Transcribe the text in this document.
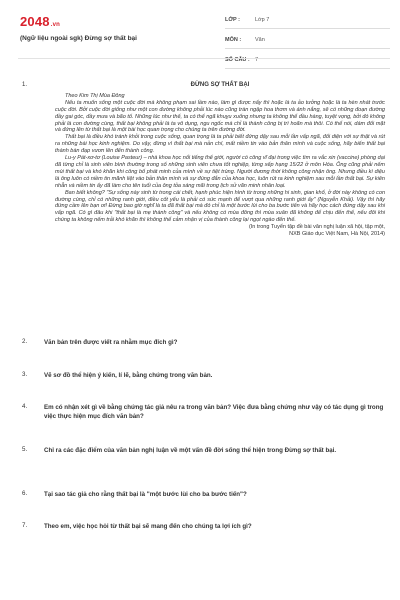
2048.vn
(Ngữ liệu ngoài sgk) Đừng sợ thất bại
LỚP :	Lớp 7
MÔN :	Văn
SỐ CÂU : 7
1.	ĐỪNG SỢ THẤT BẠI
Theo Kim Thị Mùa Đông

Nếu ta muốn sống một cuộc đời mà không phạm sai lầm nào, làm gì được nấy thì hoặc là ta ảo tưởng hoặc là ta hèn nhát trước cuộc đời. Bởi cuộc đời giống như một con đường không phải lúc nào cũng tràn ngập hoa thơm và ánh nắng, sẽ có những đoạn đường đầy gai góc, đầy mưa và bão tố. Những lúc như thế, ta có thể ngã khuỵu xuống nhưng ta không thể đầu hàng, tuyệt vọng, bởi đó không phải là con đường cùng, thất bại không phải là ta vô dụng, ngu ngốc mà chỉ là thành công bị trì hoãn mà thôi. Có thể nói, dám đối mặt và đứng lên từ thất bại là một bài học quan trọng cho chúng ta trên đường đời.

Thất bại là điều khó tránh khỏi trong cuộc sống, quan trọng là ta phải biết đứng dậy sau mỗi lần vấp ngã, đối diện với sự thật và rút ra những bài học kinh nghiệm. Do vậy, đừng vì thất bại mà nản chí, mất niềm tin vào bản thân mình và cuộc sống, hãy biến thất bại thành bàn đạp vươn lên đến thành công.

Lu-y Pát-xơ-tơ (Louise Pasteur) – nhà khoa học nổi tiếng thế giới, người có công vĩ đại trong việc tìm ra vắc xin (vaccine) phòng dại đã từng chỉ là sinh viên bình thường trong số những sinh viên chưa tốt nghiệp, từng xếp hạng 15/22 ở môn Hóa. Ông cũng phải nếm mùi thất bại và khó khăn khi công bố phát minh của mình về sự tiệt trùng. Người đương thời không công nhận ông. Nhưng điều kì diệu là ông luôn có niềm tin mãnh liệt vào bản thân mình và sự đúng đắn của khoa học, luôn rút ra kinh nghiệm sau mỗi lần thất bại. Sự kiên nhẫn và niềm tin ấy đã làm cho tên tuổi của ông tỏa sáng mãi trong lịch sử văn minh nhân loại.

Ban biết không? "Sự sống này sinh từ trong cái chết, hạnh phúc hiện hình từ trong những hi sinh, gian khổ, ở đời này không có con đường cùng, chỉ có những ranh giới, điều cốt yếu là phải có sức mạnh để vượt qua những ranh giới ấy" (Nguyễn Khải). Vậy thì hãy đứng cầm lên bạn ơi! Đừng bao giờ nghĩ là ta đã thất bại mà đó chỉ là một bước lùi cho ba bước tiến và hãy học cách đứng dậy sau khi vấp ngã. Có gì đâu khi "thất bại là mẹ thành công" và nếu không có mùa đông thì mùa xuân đã không để chịu đến thế, nếu đôi khi chúng ta không nếm trải khó khăn thì không thể cảm nhận vị của thành công lại ngọt ngào đến thế.

(In trong Tuyển tập đề bài văn nghị luận xã hội, tập một,

NXB Giáo dục Việt Nam, Hà Nội, 2014)

2.	Văn bản trên được viết ra nhằm mục đích gì?
3.	Vẽ sơ đồ thể hiện ý kiến, lí lẽ, bằng chứng trong văn bản.
4.	Em có nhận xét gì về bằng chứng tác giả nêu ra trong văn bản? Việc đưa bằng chứng như vậy có tác dụng gì trong việc thực hiện mục đích văn bản?
5.	Chỉ ra các đặc điểm của văn bản nghị luận về một vấn đề đời sống thể hiện trong Đừng sợ thất bại.
6.	Tại sao tác giả cho rằng thất bại là "một bước lùi cho ba bước tiến"?
7.	Theo em, việc học hỏi từ thất bại sẽ mang đến cho chúng ta lợi ích gì?
